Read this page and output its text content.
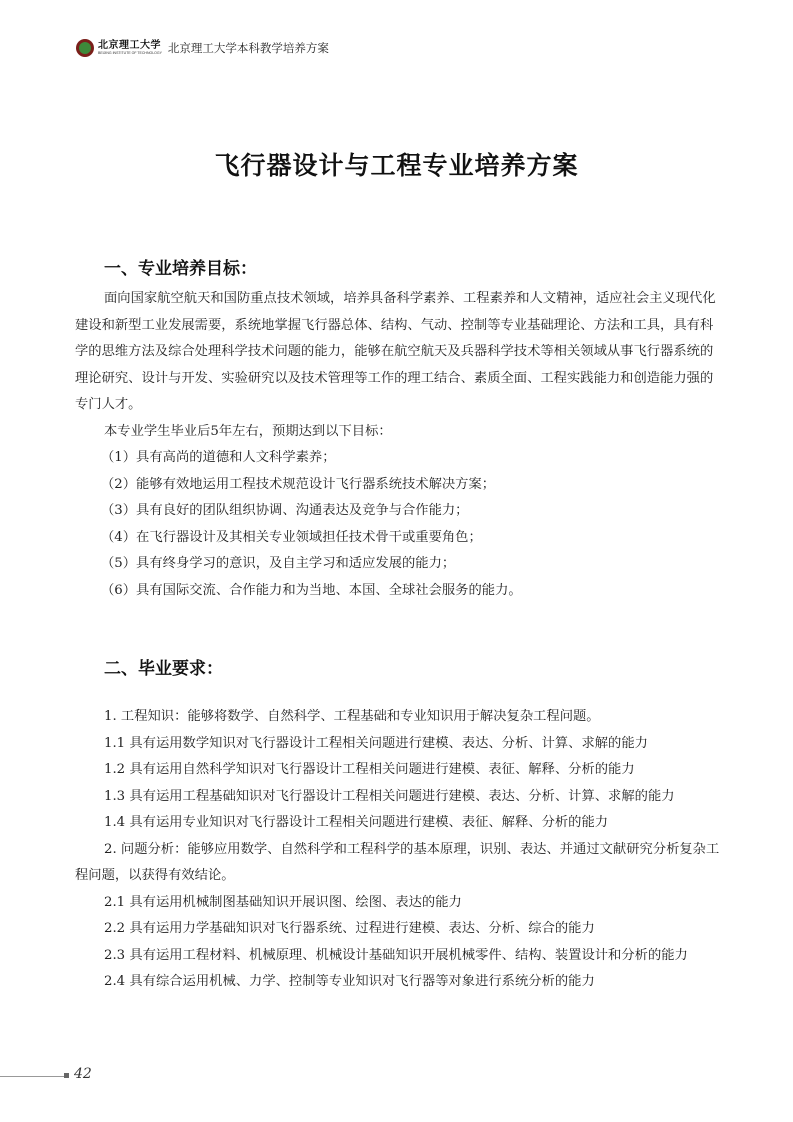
北京理工大学
BEIJING INSTITUTE OF TECHNOLOGY 北京理工大学本科教学培养方案
飞行器设计与工程专业培养方案
一、专业培养目标：

面向国家航空航天和国防重点技术领域，培养具备科学素养、工程素养和人文精神，适应社会主义现代化建设和新型工业发展需要，系统地掌握飞行器总体、结构、气动、控制等专业基础理论、方法和工具，具有科学的思维方法及综合处理科学技术问题的能力，能够在航空航天及兵器科学技术等相关领域从事飞行器系统的理论研究、设计与开发、实验研究以及技术管理等工作的理工结合、素质全面、工程实践能力和创造能力强的专门人才。

本专业学生毕业后5年左右，预期达到以下目标：

（1）具有高尚的道德和人文科学素养；

（2）能够有效地运用工程技术规范设计飞行器系统技术解决方案；

（3）具有良好的团队组织协调、沟通表达及竞争与合作能力；

（4）在飞行器设计及其相关专业领域担任技术骨干或重要角色；

（5）具有终身学习的意识，及自主学习和适应发展的能力；

（6）具有国际交流、合作能力和为当地、本国、全球社会服务的能力。

二、毕业要求：

1. 工程知识：能够将数学、自然科学、工程基础和专业知识用于解决复杂工程问题。

1.1 具有运用数学知识对飞行器设计工程相关问题进行建模、表达、分析、计算、求解的能力

1.2 具有运用自然科学知识对飞行器设计工程相关问题进行建模、表征、解释、分析的能力

1.3 具有运用工程基础知识对飞行器设计工程相关问题进行建模、表达、分析、计算、求解的能力

1.4 具有运用专业知识对飞行器设计工程相关问题进行建模、表征、解释、分析的能力

2. 问题分析：能够应用数学、自然科学和工程科学的基本原理，识别、表达、并通过文献研究分析复杂工程问题，以获得有效结论。

2.1 具有运用机械制图基础知识开展识图、绘图、表达的能力

2.2 具有运用力学基础知识对飞行器系统、过程进行建模、表达、分析、综合的能力

2.3 具有运用工程材料、机械原理、机械设计基础知识开展机械零件、结构、装置设计和分析的能力

2.4 具有综合运用机械、力学、控制等专业知识对飞行器等对象进行系统分析的能力

42
